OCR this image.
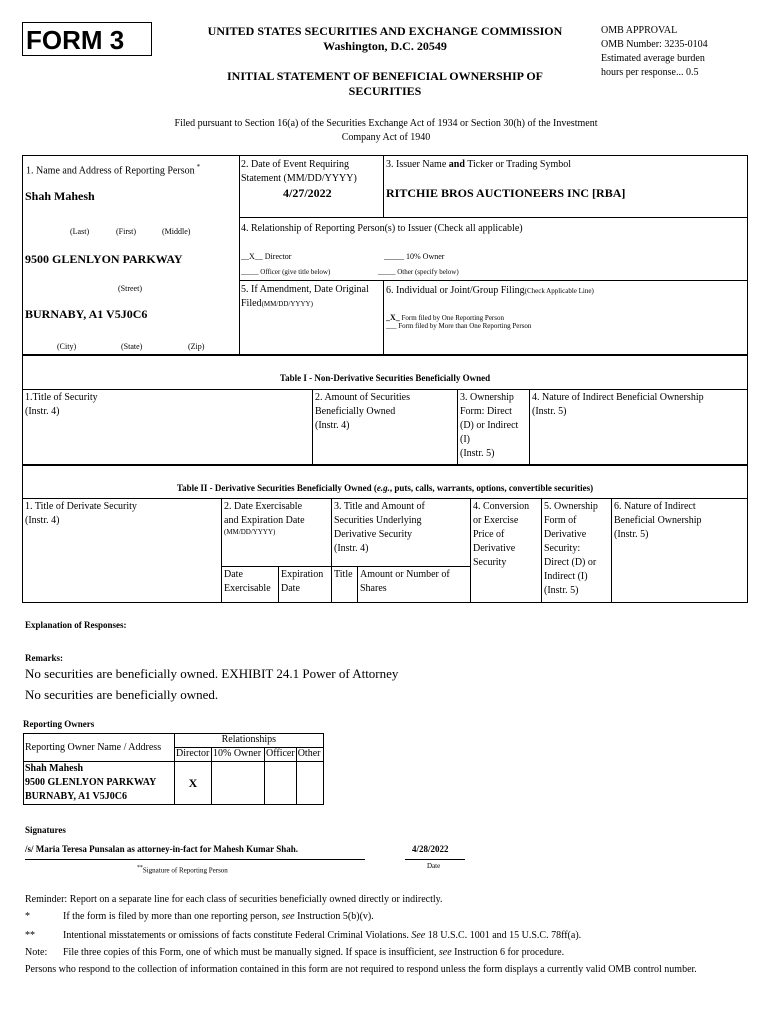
FORM 3	UNITED STATES SECURITIES AND EXCHANGE COMMISSION
Washington, D.C. 20549
INITIAL STATEMENT OF BENEFICIAL OWNERSHIP OF SECURITIES
OMB APPROVAL
OMB Number: 3235-0104
Estimated average burden
hours per response... 0.5
Filed pursuant to Section 16(a) of the Securities Exchange Act of 1934 or Section 30(h) of the Investment Company Act of 1940
1. Name and Address of Reporting Person *
Shah Mahesh
(Last)	(First)	(Middle)
9500 GLENLYON PARKWAY
(Street)
BURNABY, A1 V5J0C6
(City)	(State)	(Zip)
2. Date of Event Requiring Statement (MM/DD/YYYY)
4/27/2022
3. Issuer Name and Ticker or Trading Symbol
RITCHIE BROS AUCTIONEERS INC [RBA]
4. Relationship of Reporting Person(s) to Issuer (Check all applicable)
__X__ Director	_____ 10% Owner
_____ Officer (give title below)	_____ Other (specify below)
5. If Amendment, Date Original Filed(MM/DD/YYYY)
6. Individual or Joint/Group Filing(Check Applicable Line)
_X_ Form filed by One Reporting Person
___ Form filed by More than One Reporting Person
Table I - Non-Derivative Securities Beneficially Owned
1.Title of Security
(Instr. 4)
2. Amount of Securities
Beneficially Owned
(Instr. 4)
3. Ownership
Form: Direct
(D) or Indirect
(I)
(Instr. 5)
4. Nature of Indirect Beneficial Ownership
(Instr. 5)
Table II - Derivative Securities Beneficially Owned (e.g., puts, calls, warrants, options, convertible securities)
1. Title of Derivate Security
(Instr. 4)
2. Date Exercisable
and Expiration Date
(MM/DD/YYYY)
3. Title and Amount of
Securities Underlying
Derivative Security
(Instr. 4)
4. Conversion
or Exercise
Price of
Derivative
Security
5. Ownership
Form of
Derivative
Security:
Direct (D) or
Indirect (I)
(Instr. 5)
6. Nature of Indirect
Beneficial Ownership
(Instr. 5)
Date
Exercisable
Expiration
Date
Title Amount or Number of
Shares
Explanation of Responses:
Remarks:
No securities are beneficially owned. EXHIBIT 24.1 Power of Attorney
No securities are beneficially owned.
Reporting Owners
Reporting Owner Name / Address	Relationships			
	Director	10% Owner	Officer	Other

Shah Mahesh
9500 GLENLYON PARKWAY
BURNABY, A1 V5J0C6	X			
Signatures
/s/ Maria Teresa Punsalan as attorney-in-fact for Mahesh Kumar Shah.	4/28/2022
**Signature of Reporting Person
Date
Reminder: Report on a separate line for each class of securities beneficially owned directly or indirectly.
*	If the form is filed by more than one reporting person, see Instruction 5(b)(v).
**	Intentional misstatements or omissions of facts constitute Federal Criminal Violations. See 18 U.S.C. 1001 and 15 U.S.C. 78ff(a).
Note: File three copies of this Form, one of which must be manually signed. If space is insufficient, see Instruction 6 for procedure.
Persons who respond to the collection of information contained in this form are not required to respond unless the form displays a currently valid OMB control number.
